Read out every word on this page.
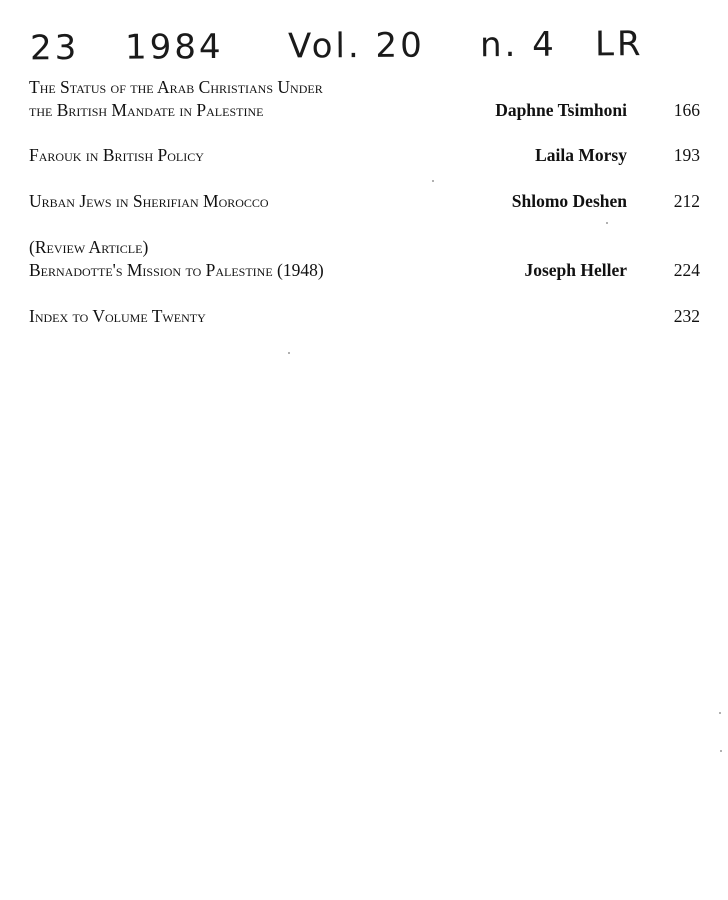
23 1984 Vol. 20 n. 4 LR
The Status of the Arab Christians Under
the British Mandate in Palestine	Daphne Tsimhoni	166
Farouk in British Policy	Laila Morsy	193
Urban Jews in Sherifian Morocco	Shlomo Deshen	212
(Review Article)
Bernadotte's Mission to Palestine (1948)	Joseph Heller	224
Index to Volume Twenty	232
